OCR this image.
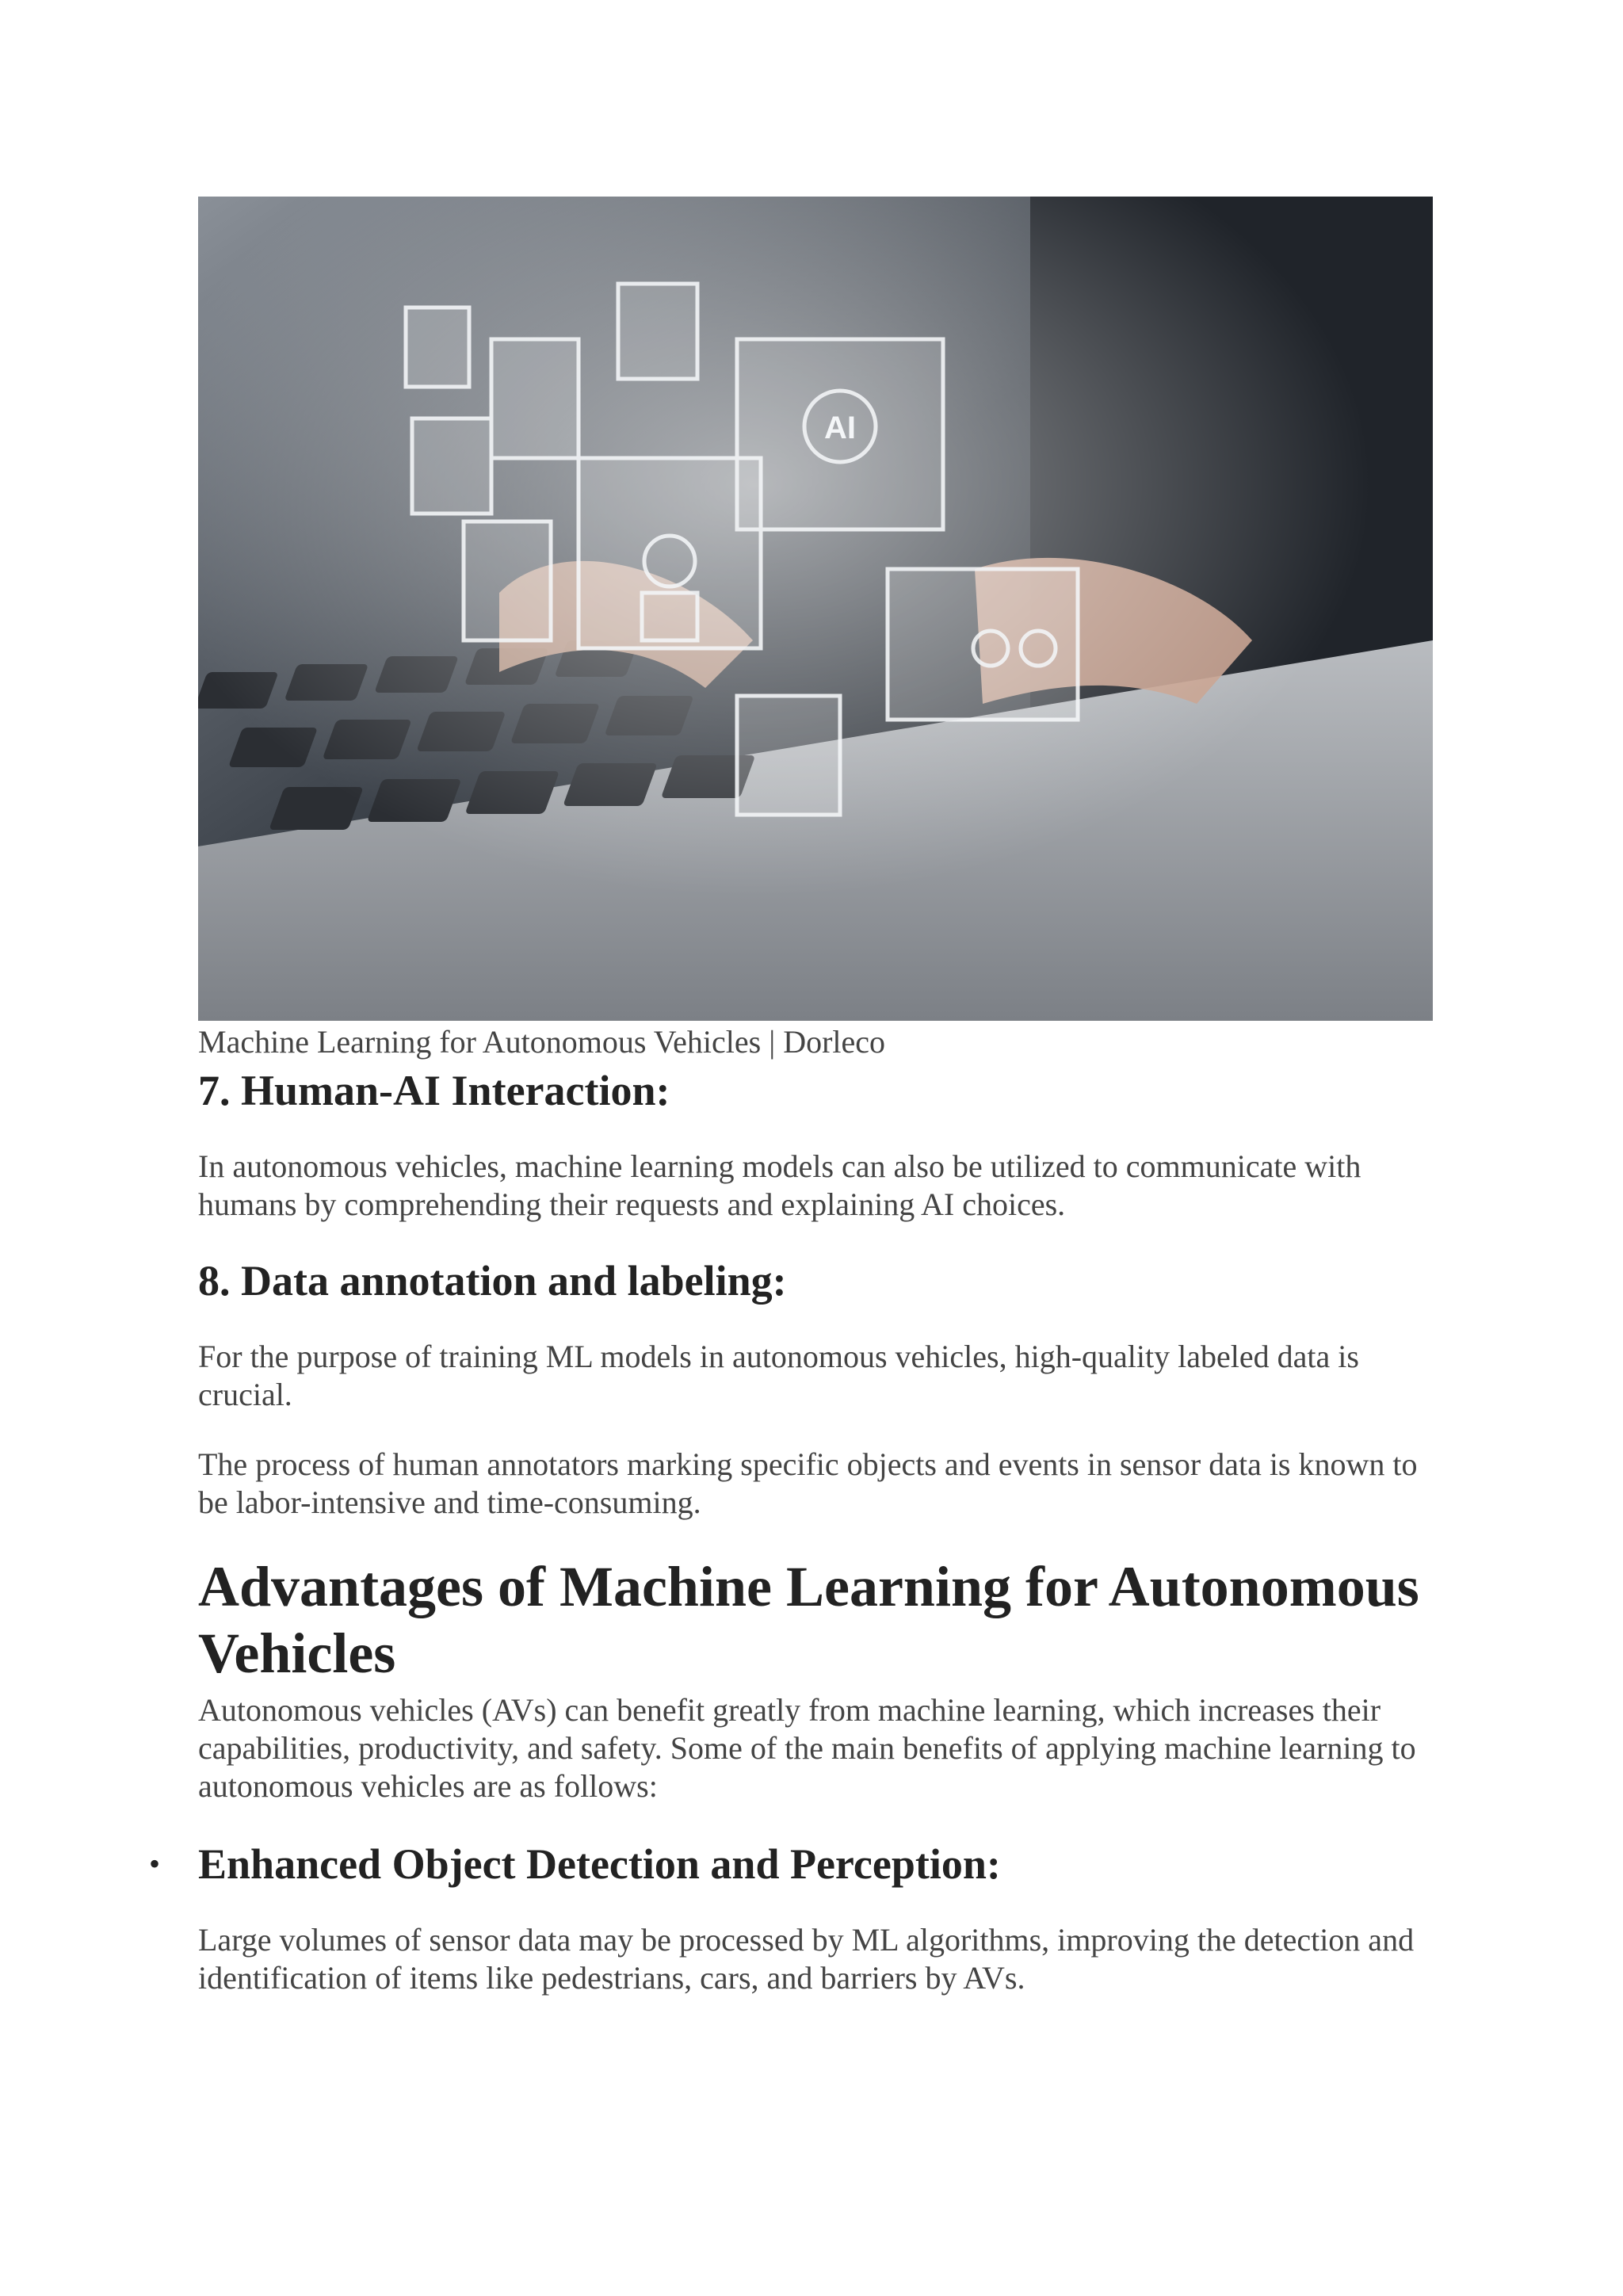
AI
Machine Learning for Autonomous Vehicles | Dorleco
7. Human-AI Interaction:

In autonomous vehicles, machine learning models can also be utilized to communicate with humans by comprehending their requests and explaining AI choices.

8. Data annotation and labeling:

For the purpose of training ML models in autonomous vehicles, high-quality labeled data is crucial.

The process of human annotators marking specific objects and events in sensor data is known to be labor-intensive and time-consuming.

Advantages of Machine Learning for Autonomous Vehicles

Autonomous vehicles (AVs) can benefit greatly from machine learning, which increases their capabilities, productivity, and safety. Some of the main benefits of applying machine learning to autonomous vehicles are as follows:

• Enhanced Object Detection and Perception:

Large volumes of sensor data may be processed by ML algorithms, improving the detection and identification of items like pedestrians, cars, and barriers by AVs.
